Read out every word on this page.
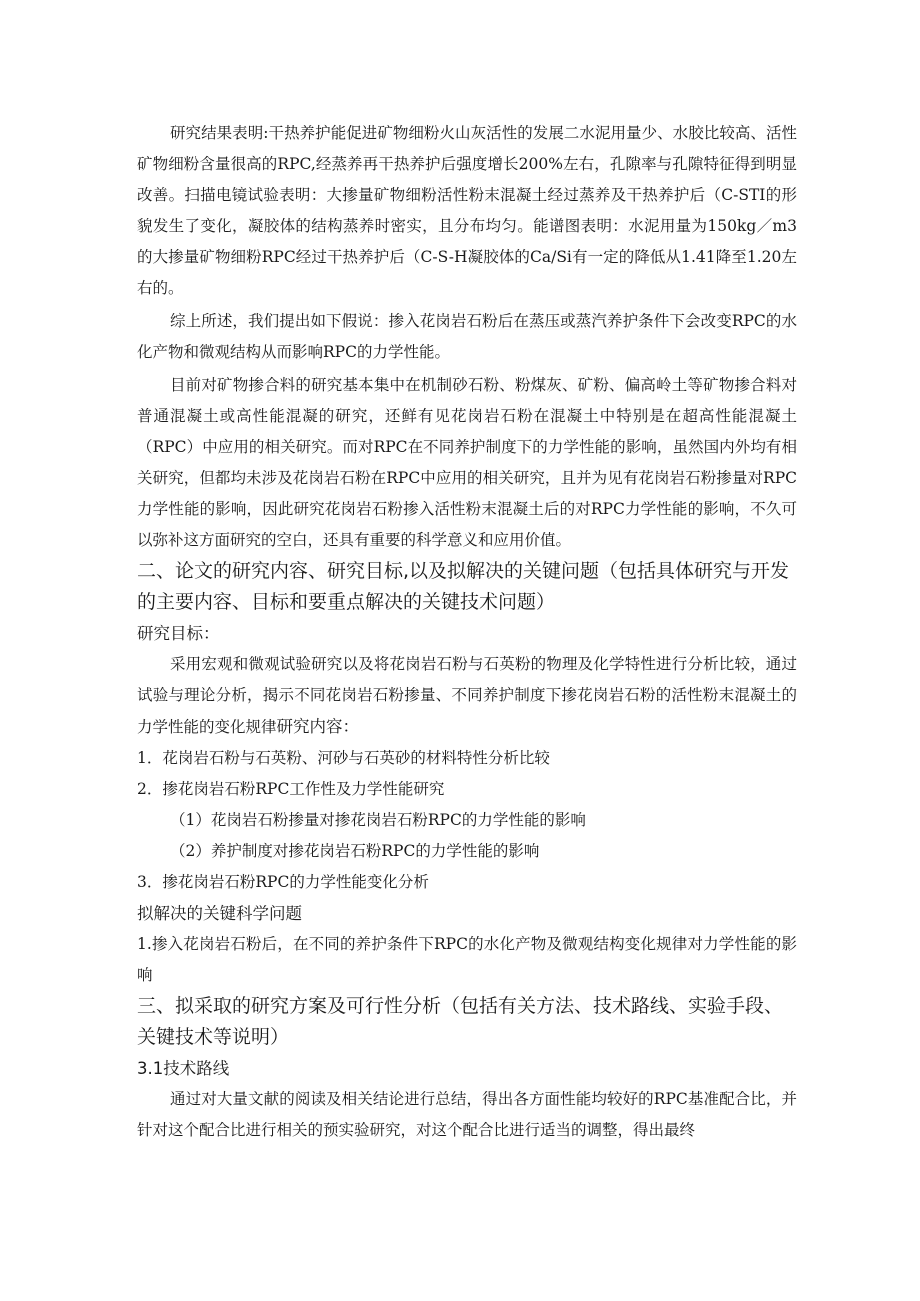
研究结果表明:干热养护能促进矿物细粉火山灰活性的发展二水泥用量少、水胶比较高、活性矿物细粉含量很高的RPC,经蒸养再干热养护后强度增长200%左右，孔隙率与孔隙特征得到明显改善。扫描电镜试验表明：大掺量矿物细粉活性粉末混凝土经过蒸养及干热养护后（C-STI的形貌发生了变化，凝胶体的结构蒸养时密实，且分布均匀。能谱图表明：水泥用量为150kg／m3的大掺量矿物细粉RPC经过干热养护后（C-S-H凝胶体的Ca/Si有一定的降低从1.41降至1.20左右的。

综上所述，我们提出如下假说：掺入花岗岩石粉后在蒸压或蒸汽养护条件下会改变RPC的水化产物和微观结构从而影响RPC的力学性能。

目前对矿物掺合料的研究基本集中在机制砂石粉、粉煤灰、矿粉、偏高岭土等矿物掺合料对普通混凝土或高性能混凝的研究，还鲜有见花岗岩石粉在混凝土中特别是在超高性能混凝土（RPC）中应用的相关研究。而对RPC在不同养护制度下的力学性能的影响，虽然国内外均有相关研究，但都均未涉及花岗岩石粉在RPC中应用的相关研究，且并为见有花岗岩石粉掺量对RPC力学性能的影响，因此研究花岗岩石粉掺入活性粉末混凝土后的对RPC力学性能的影响，不久可以弥补这方面研究的空白，还具有重要的科学意义和应用价值。

二、论文的研究内容、研究目标,以及拟解决的关键问题（包括具体研究与开发的主要内容、目标和要重点解决的关键技术问题）

研究目标：

采用宏观和微观试验研究以及将花岗岩石粉与石英粉的物理及化学特性进行分析比较，通过试验与理论分析，揭示不同花岗岩石粉掺量、不同养护制度下掺花岗岩石粉的活性粉末混凝土的力学性能的变化规律研究内容：

1．花岗岩石粉与石英粉、河砂与石英砂的材料特性分析比较

2．掺花岗岩石粉RPC工作性及力学性能研究

（1）花岗岩石粉掺量对掺花岗岩石粉RPC的力学性能的影响

（2）养护制度对掺花岗岩石粉RPC的力学性能的影响

3．掺花岗岩石粉RPC的力学性能变化分析

拟解决的关键科学问题

1.掺入花岗岩石粉后，在不同的养护条件下RPC的水化产物及微观结构变化规律对力学性能的影响

三、拟采取的研究方案及可行性分析（包括有关方法、技术路线、实验手段、关键技术等说明）

3.1技术路线

通过对大量文献的阅读及相关结论进行总结，得出各方面性能均较好的RPC基准配合比，并针对这个配合比进行相关的预实验研究，对这个配合比进行适当的调整，得出最终
